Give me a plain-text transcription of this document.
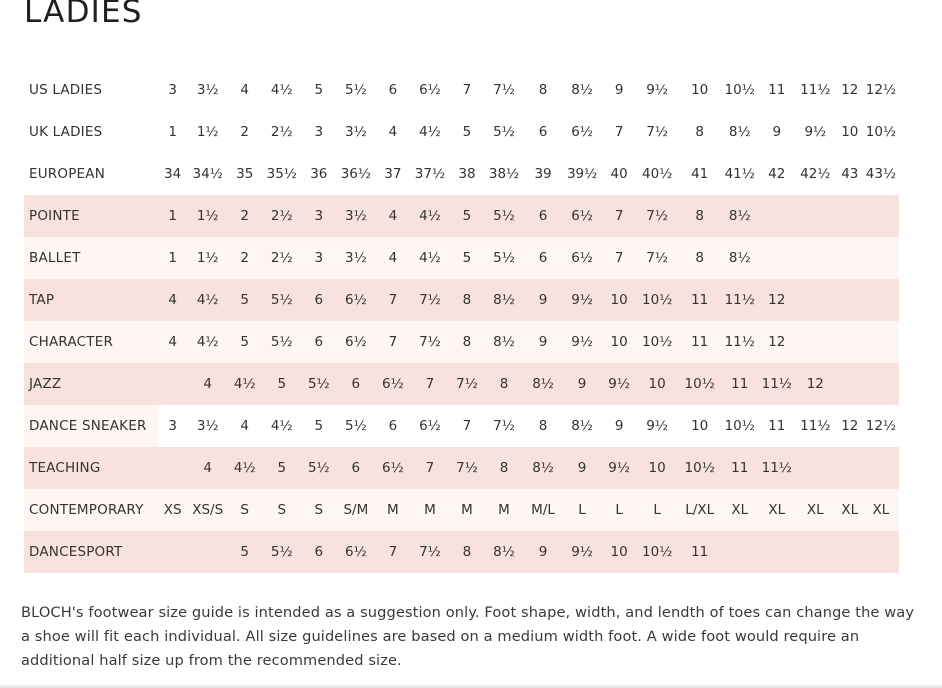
LADIES
US LADIES	3	3½	4	4½	5	5½	6	6½	7	7½	8	8½	9	9½	10	10½	11	11½	12	12½
UK LADIES	1	1½	2	2½	3	3½	4	4½	5	5½	6	6½	7	7½	8	8½	9	9½	10	10½
EUROPEAN	34	34½	35	35½	36	36½	37	37½	38	38½	39	39½	40	40½	41	41½	42	42½	43	43½
POINTE	1	1½	2	2½	3	3½	4	4½	5	5½	6	6½	7	7½	8	8½				
BALLET	1	1½	2	2½	3	3½	4	4½	5	5½	6	6½	7	7½	8	8½				
TAP	4	4½	5	5½	6	6½	7	7½	8	8½	9	9½	10	10½	11	11½	12			
CHARACTER	4	4½	5	5½	6	6½	7	7½	8	8½	9	9½	10	10½	11	11½	12			
JAZZ		4	4½	5	5½	6	6½	7	7½	8	8½	9	9½	10	10½	11	11½	12		
DANCE SNEAKER	3	3½	4	4½	5	5½	6	6½	7	7½	8	8½	9	9½	10	10½	11	11½	12	12½
TEACHING		4	4½	5	5½	6	6½	7	7½	8	8½	9	9½	10	10½	11	11½			
CONTEMPORARY	XS	XS/S	S	S	S	S/M	M	M	M	M	M/L	L	L	L	L/XL	XL	XL	XL	XL	XL
DANCESPORT			5	5½	6	6½	7	7½	8	8½	9	9½	10	10½	11					

BLOCH's footwear size guide is intended as a suggestion only. Foot shape, width, and lendth of toes can change the way a shoe will fit each individual. All size guidelines are based on a medium width foot. A wide foot would require an additional half size up from the recommended size.
